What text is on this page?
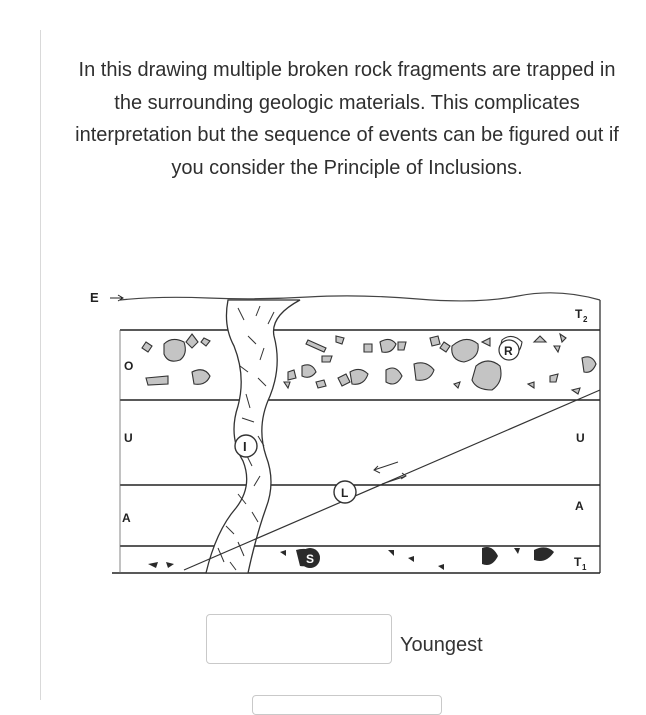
In this drawing multiple broken rock fragments are trapped in the surrounding geologic materials. This complicates interpretation but the sequence of events can be figured out if you consider the Principle of Inclusions.

E
T 2
O
U	U
A
A
T 1
R
I
L
S
Youngest
